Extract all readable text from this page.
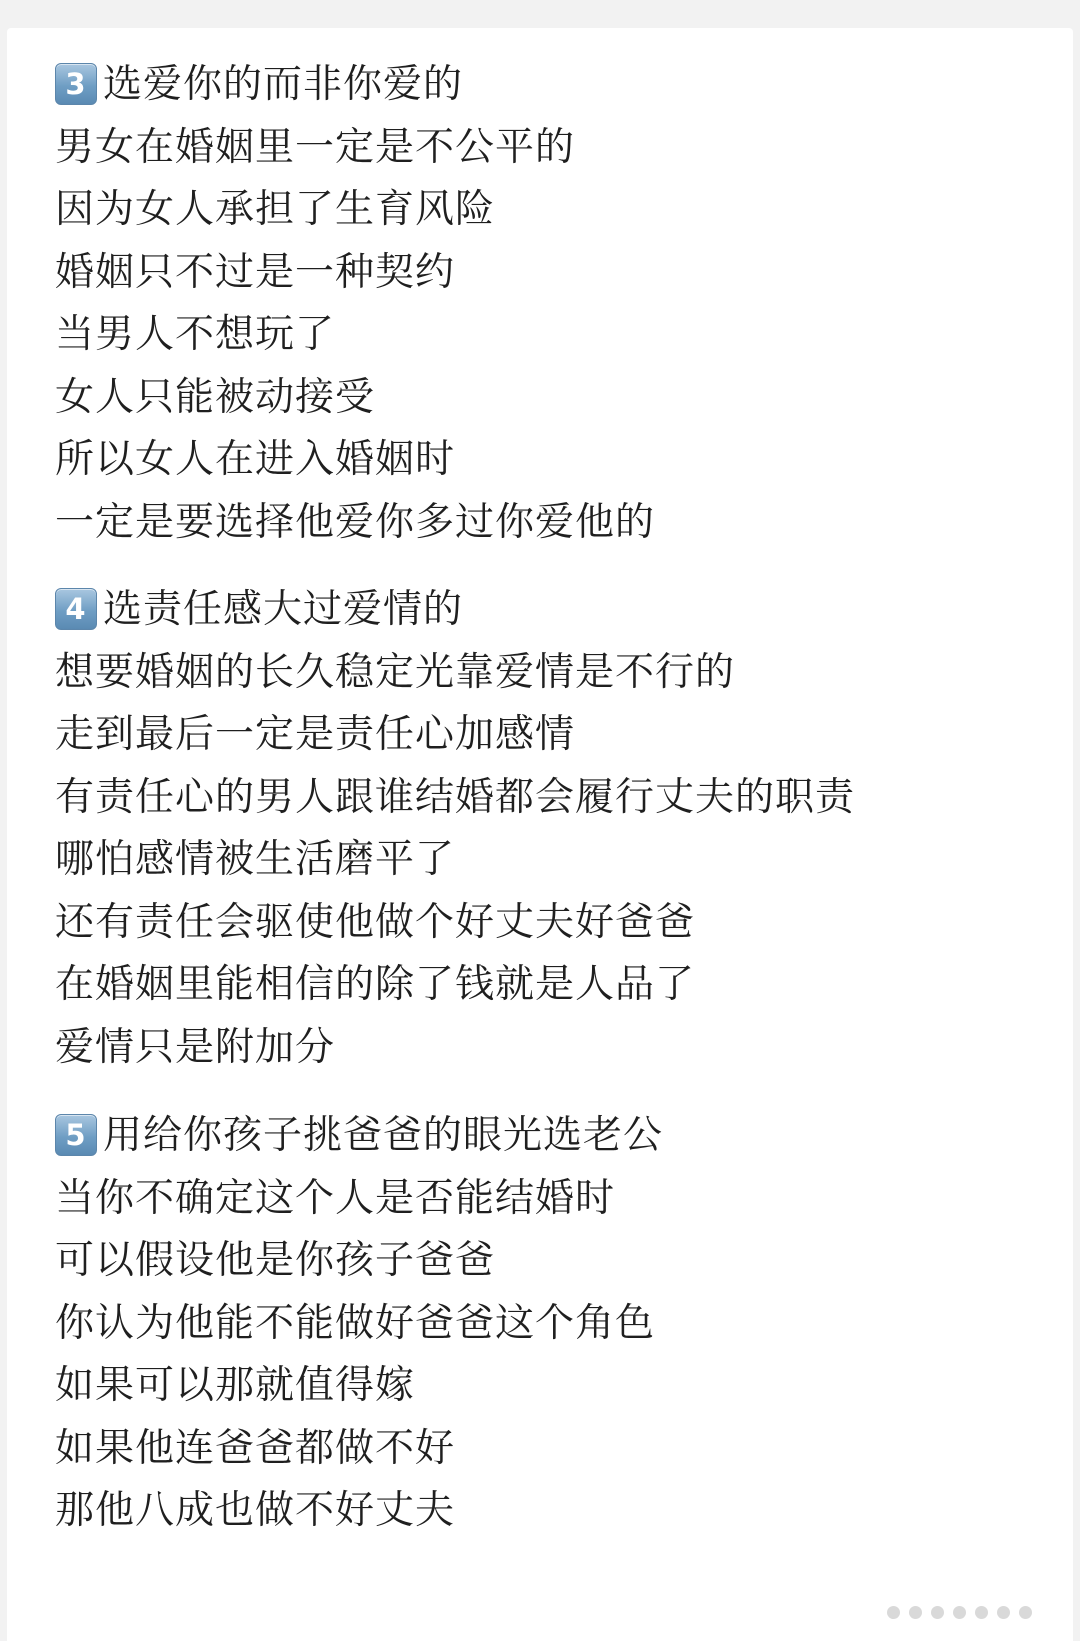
3 选爱你的而非你爱的
男女在婚姻里一定是不公平的
因为女人承担了生育风险
婚姻只不过是一种契约
当男人不想玩了
女人只能被动接受
所以女人在进入婚姻时
一定是要选择他爱你多过你爱他的
4 选责任感大过爱情的
想要婚姻的长久稳定光靠爱情是不行的
走到最后一定是责任心加感情
有责任心的男人跟谁结婚都会履行丈夫的职责
哪怕感情被生活磨平了
还有责任会驱使他做个好丈夫好爸爸
在婚姻里能相信的除了钱就是人品了
爱情只是附加分
5 用给你孩子挑爸爸的眼光选老公
当你不确定这个人是否能结婚时
可以假设他是你孩子爸爸
你认为他能不能做好爸爸这个角色
如果可以那就值得嫁
如果他连爸爸都做不好
那他八成也做不好丈夫
